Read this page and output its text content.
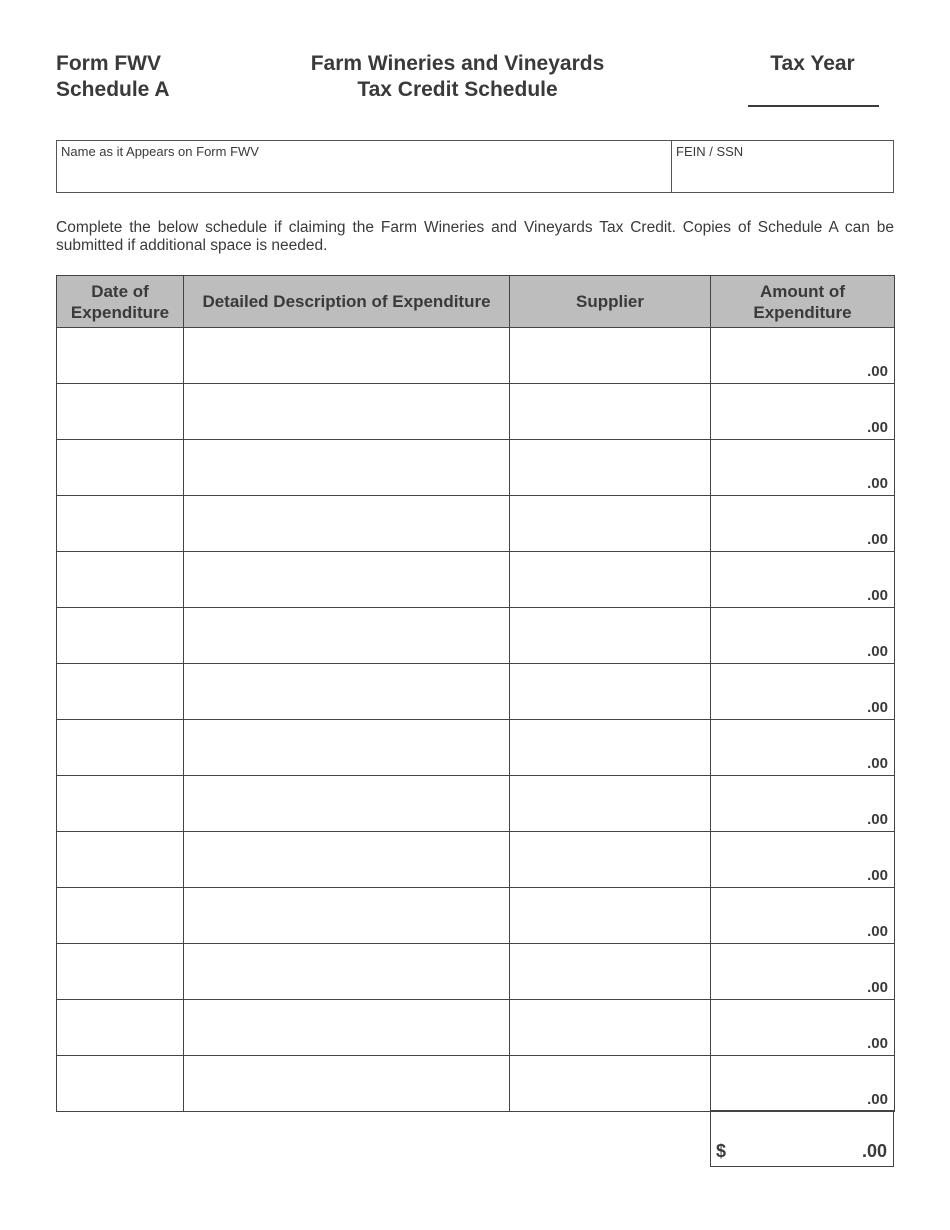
Form FWV
Schedule A
Farm Wineries and Vineyards
Tax Credit Schedule
Tax Year
Name as it Appears on Form FWV	FEIN / SSN
Complete the below schedule if claiming the Farm Wineries and Vineyards Tax Credit. Copies of Schedule A can be submitted if additional space is needed.
Date of Expenditure	Detailed Description of Expenditure	Supplier	Amount of Expenditure
			.00
			.00
			.00
			.00
			.00
			.00
			.00
			.00
			.00
			.00
			.00
			.00
			.00
			.00
$	.00
